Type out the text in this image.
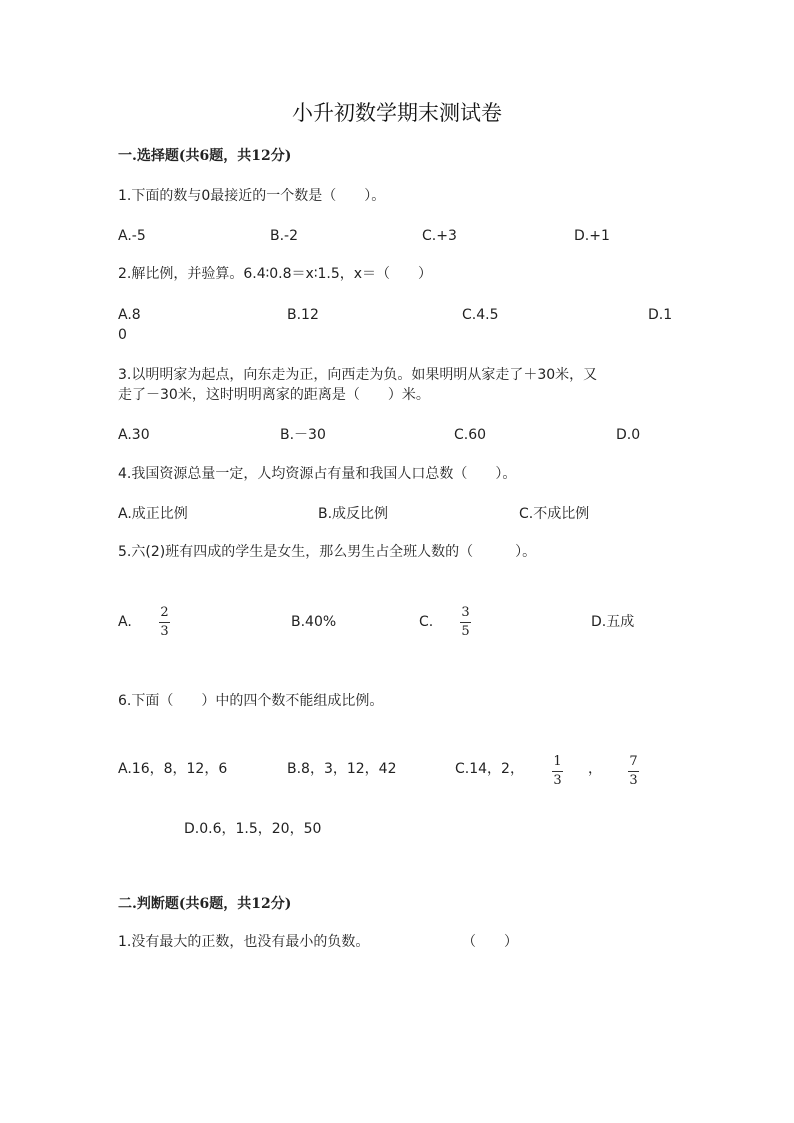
小升初数学期末测试卷
一.选择题(共6题，共12分)
1.下面的数与0最接近的一个数是（　　）。
A.-5	B.-2	C.+3	D.+1
2.解比例，并验算。6.4∶0.8＝x∶1.5，x＝（　　）
A.8	B.12	C.4.5	D.1
0
3.以明明家为起点，向东走为正，向西走为负。如果明明从家走了＋30米，又
走了－30米，这时明明离家的距离是（　　）米。
A.30	B.－30	C.60	D.0
4.我国资源总量一定，人均资源占有量和我国人口总数（　　）。
A.成正比例	B.成反比例	C.不成比例
5.六(2)班有四成的学生是女生，那么男生占全班人数的（　　　）。
A.
2
3
B.40%	C.
3
5
D.五成
6.下面（　　）中的四个数不能组成比例。
A.16，8，12，6	B.8，3，12，42	C.14，2， 1
3
， 7
3
D.0.6，1.5，20，50
二.判断题(共6题，共12分)
1.没有最大的正数，也没有最小的负数。	（　　）
